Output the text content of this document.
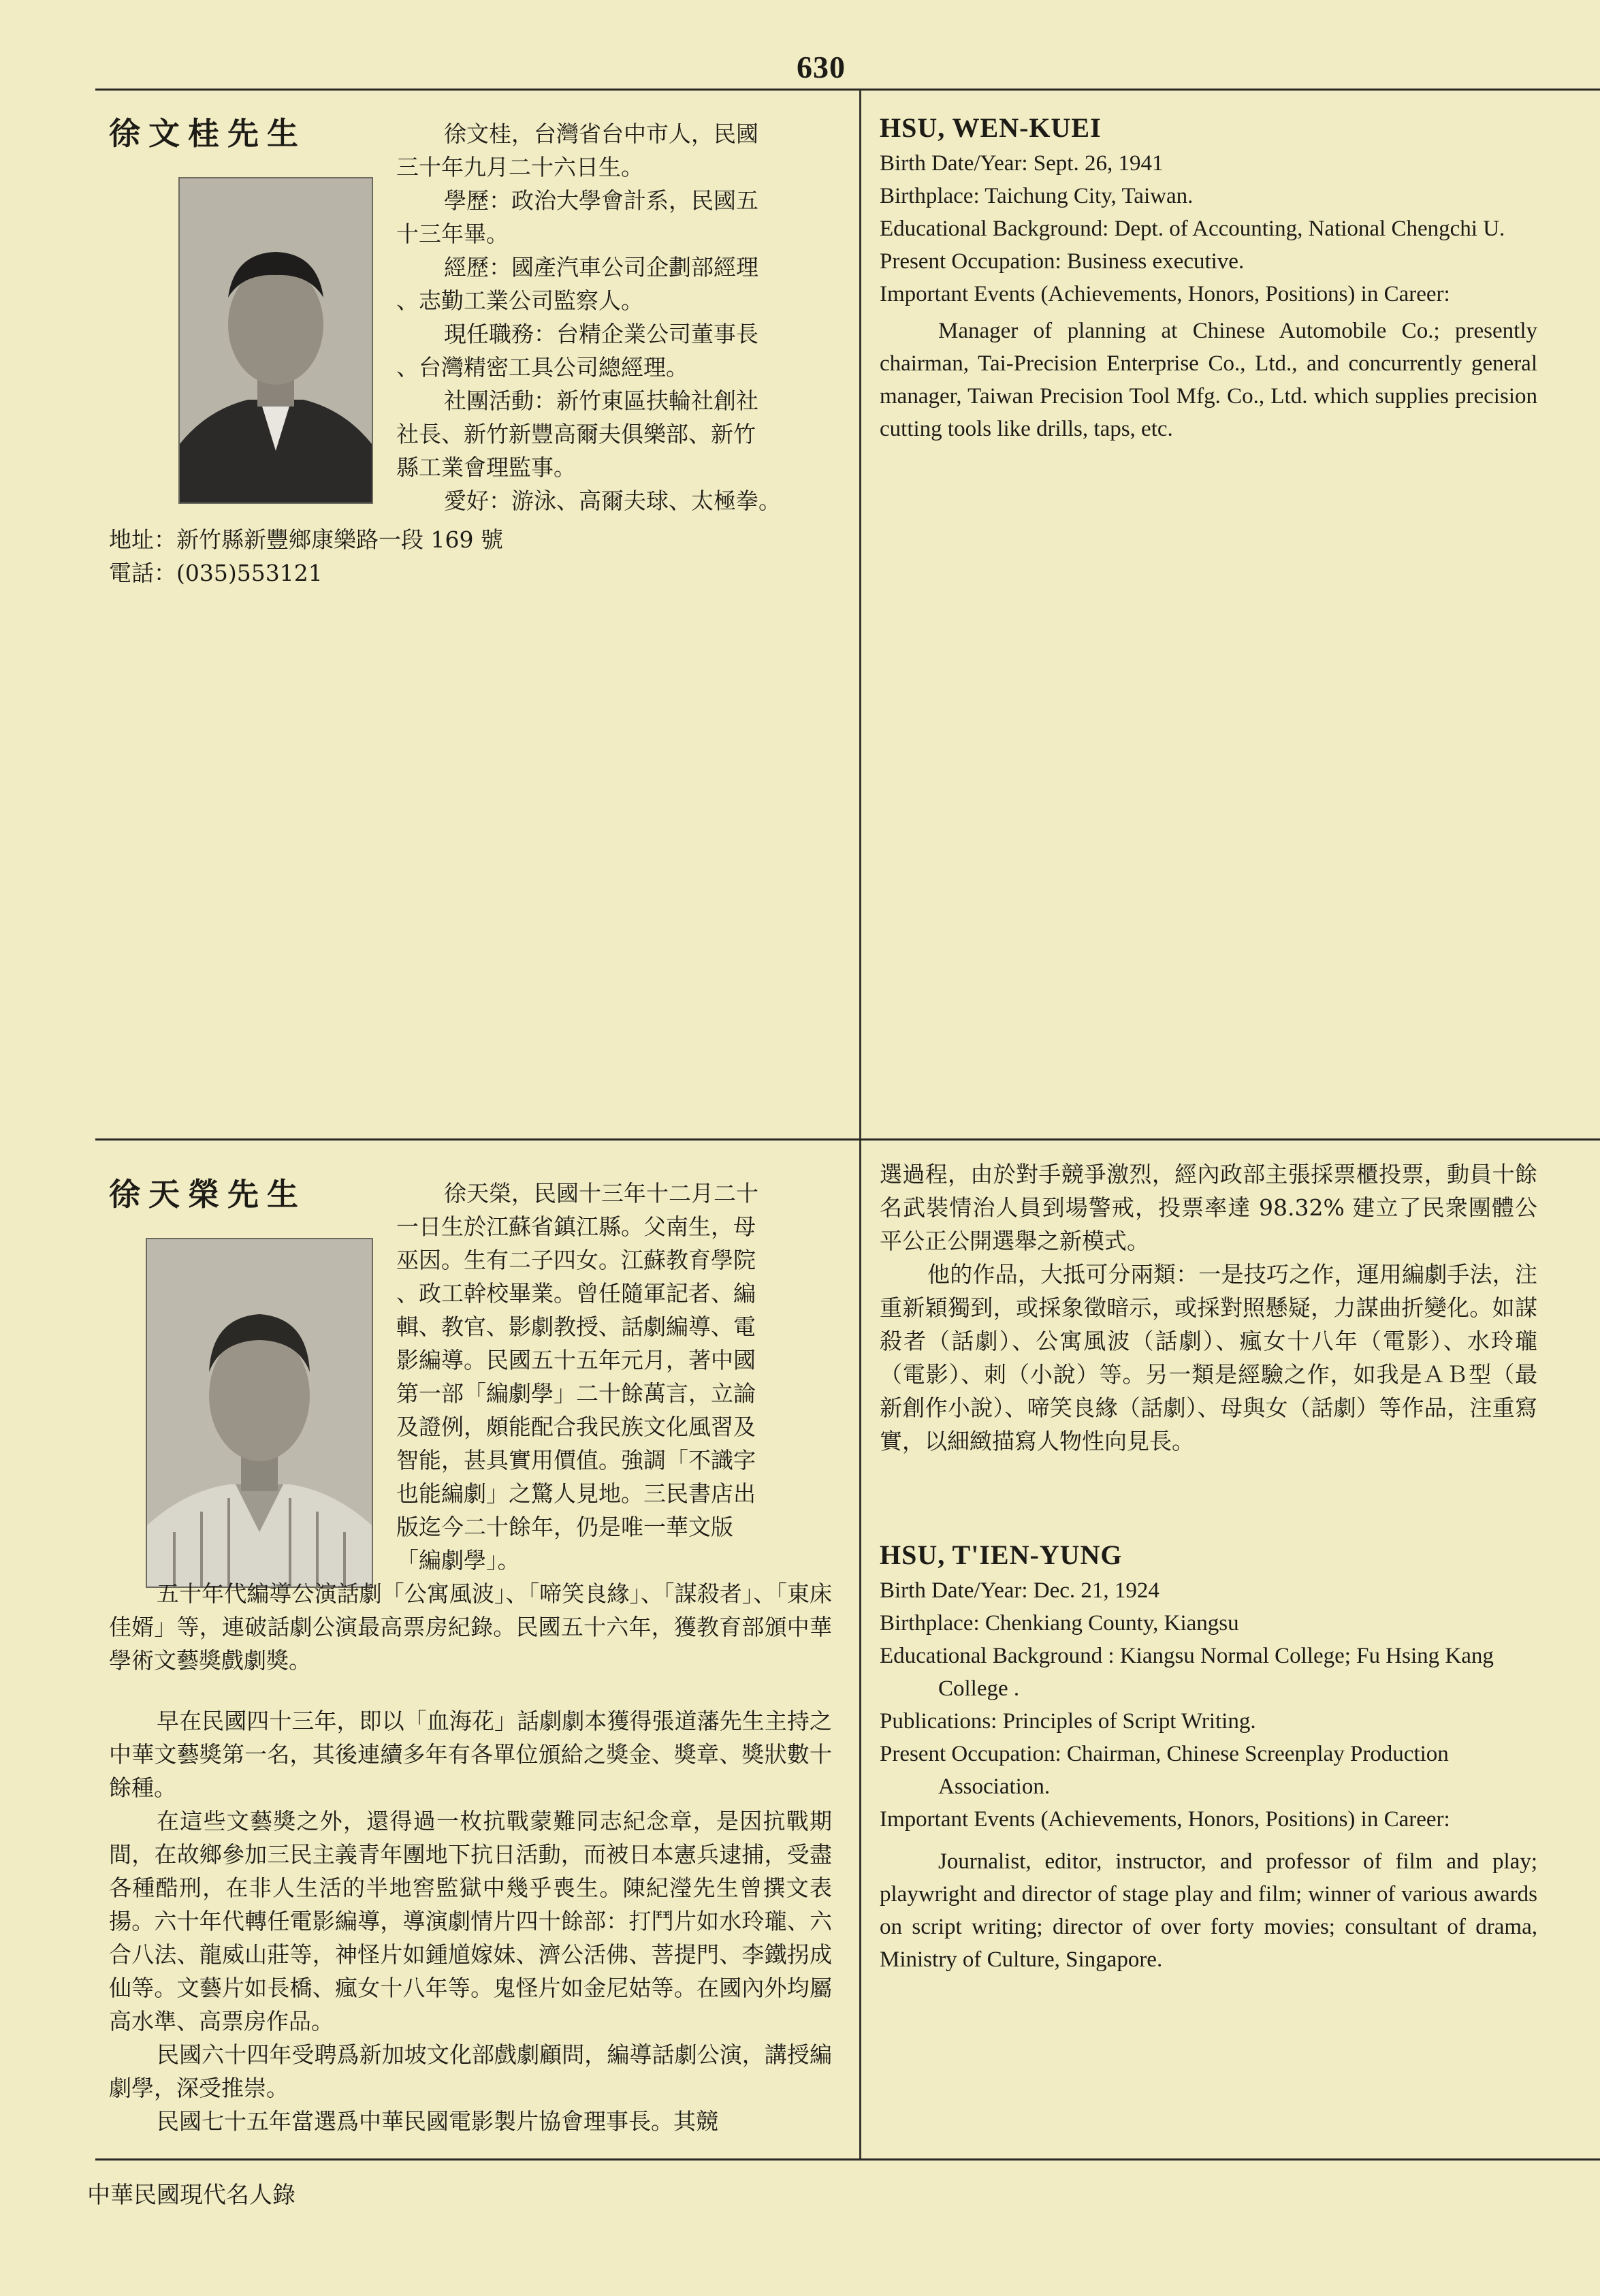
630
徐文桂先生	徐文桂，台灣省台中市人，民國

三十年九月二十六日生。

學歷：政治大學會計系，民國五

十三年畢。

經歷：國產汽車公司企劃部經理

、志勤工業公司監察人。

現任職務：台精企業公司董事長

、台灣精密工具公司總經理。

社團活動：新竹東區扶輪社創社

社長、新竹新豐高爾夫俱樂部、新竹

縣工業會理監事。

愛好：游泳、高爾夫球、太極拳。

地址：新竹縣新豐鄉康樂路一段 169 號

電話：(035)553121

HSU, WEN-KUEI

Birth Date/Year: Sept. 26, 1941

Birthplace: Taichung City, Taiwan.

Educational Background: Dept. of Accounting, National Chengchi U.

Present Occupation: Business executive.

Important Events (Achievements, Honors, Positions) in Career:

Manager of planning at Chinese Automobile Co.; presently chairman, Tai-Precision Enterprise Co., Ltd., and concurrently general manager, Taiwan Precision Tool Mfg. Co., Ltd. which supplies precision cutting tools like drills, taps, etc.

徐天榮先生	徐天榮，民國十三年十二月二十

一日生於江蘇省鎮江縣。父南生，母

巫因。生有二子四女。江蘇教育學院

、政工幹校畢業。曾任隨軍記者、編

輯、教官、影劇教授、話劇編導、電

影編導。民國五十五年元月，著中國

第一部「編劇學」二十餘萬言，立論

及證例，頗能配合我民族文化風習及

智能，甚具實用價值。強調「不識字

也能編劇」之驚人見地。三民書店出

版迄今二十餘年，仍是唯一華文版

「編劇學」。

五十年代編導公演話劇「公寓風波」、「啼笑良緣」、「謀殺者」、「東床佳婿」等，連破話劇公演最高票房紀錄。民國五十六年，獲教育部頒中華學術文藝獎戲劇獎。

早在民國四十三年，即以「血海花」話劇劇本獲得張道藩先生主持之中華文藝獎第一名，其後連續多年有各單位頒給之獎金、獎章、獎狀數十餘種。

在這些文藝獎之外，還得過一枚抗戰蒙難同志紀念章，是因抗戰期間，在故鄉參加三民主義青年團地下抗日活動，而被日本憲兵逮捕，受盡各種酷刑，在非人生活的半地窖監獄中幾乎喪生。陳紀瀅先生曾撰文表揚。六十年代轉任電影編導，導演劇情片四十餘部：打鬥片如水玲瓏、六合八法、龍威山莊等，神怪片如鍾馗嫁妹、濟公活佛、菩提門、李鐵拐成仙等。文藝片如長橋、瘋女十八年等。鬼怪片如金尼姑等。在國內外均屬高水準、高票房作品。

民國六十四年受聘爲新加坡文化部戲劇顧問，編導話劇公演，講授編劇學，深受推崇。

民國七十五年當選爲中華民國電影製片協會理事長。其競

選過程，由於對手競爭激烈，經內政部主張採票櫃投票，動員十餘名武裝情治人員到場警戒，投票率達 98.32% 建立了民衆團體公平公正公開選舉之新模式。

他的作品，大抵可分兩類：一是技巧之作，運用編劇手法，注重新穎獨到，或採象徵暗示，或採對照懸疑，力謀曲折變化。如謀殺者（話劇）、公寓風波（話劇）、瘋女十八年（電影）、水玲瓏（電影）、刺（小說）等。另一類是經驗之作，如我是ＡＢ型（最新創作小說）、啼笑良緣（話劇）、母與女（話劇）等作品，注重寫實，以細緻描寫人物性向見長。

HSU, T'IEN-YUNG

Birth Date/Year: Dec. 21, 1924

Birthplace: Chenkiang County, Kiangsu

Educational Background : Kiangsu Normal College; Fu Hsing Kang College .

Publications: Principles of Script Writing.

Present Occupation: Chairman, Chinese Screenplay Production Association.

Important Events (Achievements, Honors, Positions) in Career:

Journalist, editor, instructor, and professor of film and play; playwright and director of stage play and film; winner of various awards on script writing; director of over forty movies; consultant of drama, Ministry of Culture, Singapore.

中華民國現代名人錄
